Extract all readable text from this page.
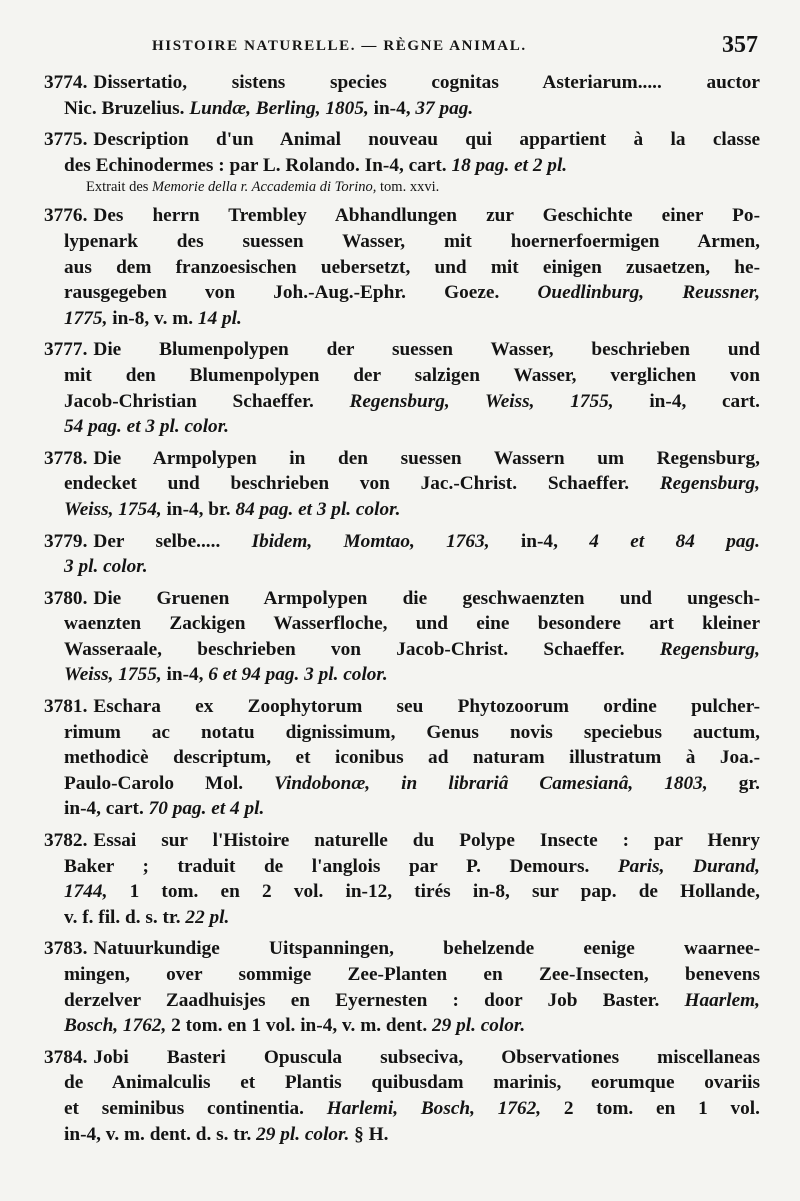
HISTOIRE NATURELLE. — RÈGNE ANIMAL.	357
3774. Dissertatio, sistens species cognitas Asteriarum..... auctor
Nic. Bruzelius. Lundæ, Berling, 1805, in-4, 37 pag.
3775. Description d'un Animal nouveau qui appartient à la classe
des Echinodermes : par L. Rolando. In-4, cart. 18 pag. et 2 pl.
Extrait des Memorie della r. Accademia di Torino, tom. xxvi.
3776. Des herrn Trembley Abhandlungen zur Geschichte einer Po-
lypenark des suessen Wasser, mit hoernerfoermigen Armen,
aus dem franzoesischen uebersetzt, und mit einigen zusaetzen, he-
rausgegeben von Joh.-Aug.-Ephr. Goeze. Ouedlinburg, Reussner,
1775, in-8, v. m. 14 pl.
3777. Die Blumenpolypen der suessen Wasser, beschrieben und
mit den Blumenpolypen der salzigen Wasser, verglichen von
Jacob-Christian Schaeffer. Regensburg, Weiss, 1755, in-4, cart.
54 pag. et 3 pl. color.
3778. Die Armpolypen in den suessen Wassern um Regensburg,
endecket und beschrieben von Jac.-Christ. Schaeffer. Regensburg,
Weiss, 1754, in-4, br. 84 pag. et 3 pl. color.
3779. Der selbe..... Ibidem, Momtao, 1763, in-4, 4 et 84 pag.
3 pl. color.
3780. Die Gruenen Armpolypen die geschwaenzten und ungesch-
waenzten Zackigen Wasserfloche, und eine besondere art kleiner
Wasseraale, beschrieben von Jacob-Christ. Schaeffer. Regensburg,
Weiss, 1755, in-4, 6 et 94 pag. 3 pl. color.
3781. Eschara ex Zoophytorum seu Phytozoorum ordine pulcher-
rimum ac notatu dignissimum, Genus novis speciebus auctum,
methodicè descriptum, et iconibus ad naturam illustratum à Joa.-
Paulo-Carolo Mol. Vindobonæ, in librariâ Camesianâ, 1803, gr.
in-4, cart. 70 pag. et 4 pl.
3782. Essai sur l'Histoire naturelle du Polype Insecte : par Henry
Baker ; traduit de l'anglois par P. Demours. Paris, Durand,
1744, 1 tom. en 2 vol. in-12, tirés in-8, sur pap. de Hollande,
v. f. fil. d. s. tr. 22 pl.
3783. Natuurkundige Uitspanningen, behelzende eenige waarnee-
mingen, over sommige Zee-Planten en Zee-Insecten, benevens
derzelver Zaadhuisjes en Eyernesten : door Job Baster. Haarlem,
Bosch, 1762, 2 tom. en 1 vol. in-4, v. m. dent. 29 pl. color.
3784. Jobi Basteri Opuscula subseciva, Observationes miscellaneas
de Animalculis et Plantis quibusdam marinis, eorumque ovariis
et seminibus continentia. Harlemi, Bosch, 1762, 2 tom. en 1 vol.
in-4, v. m. dent. d. s. tr. 29 pl. color. § H.
